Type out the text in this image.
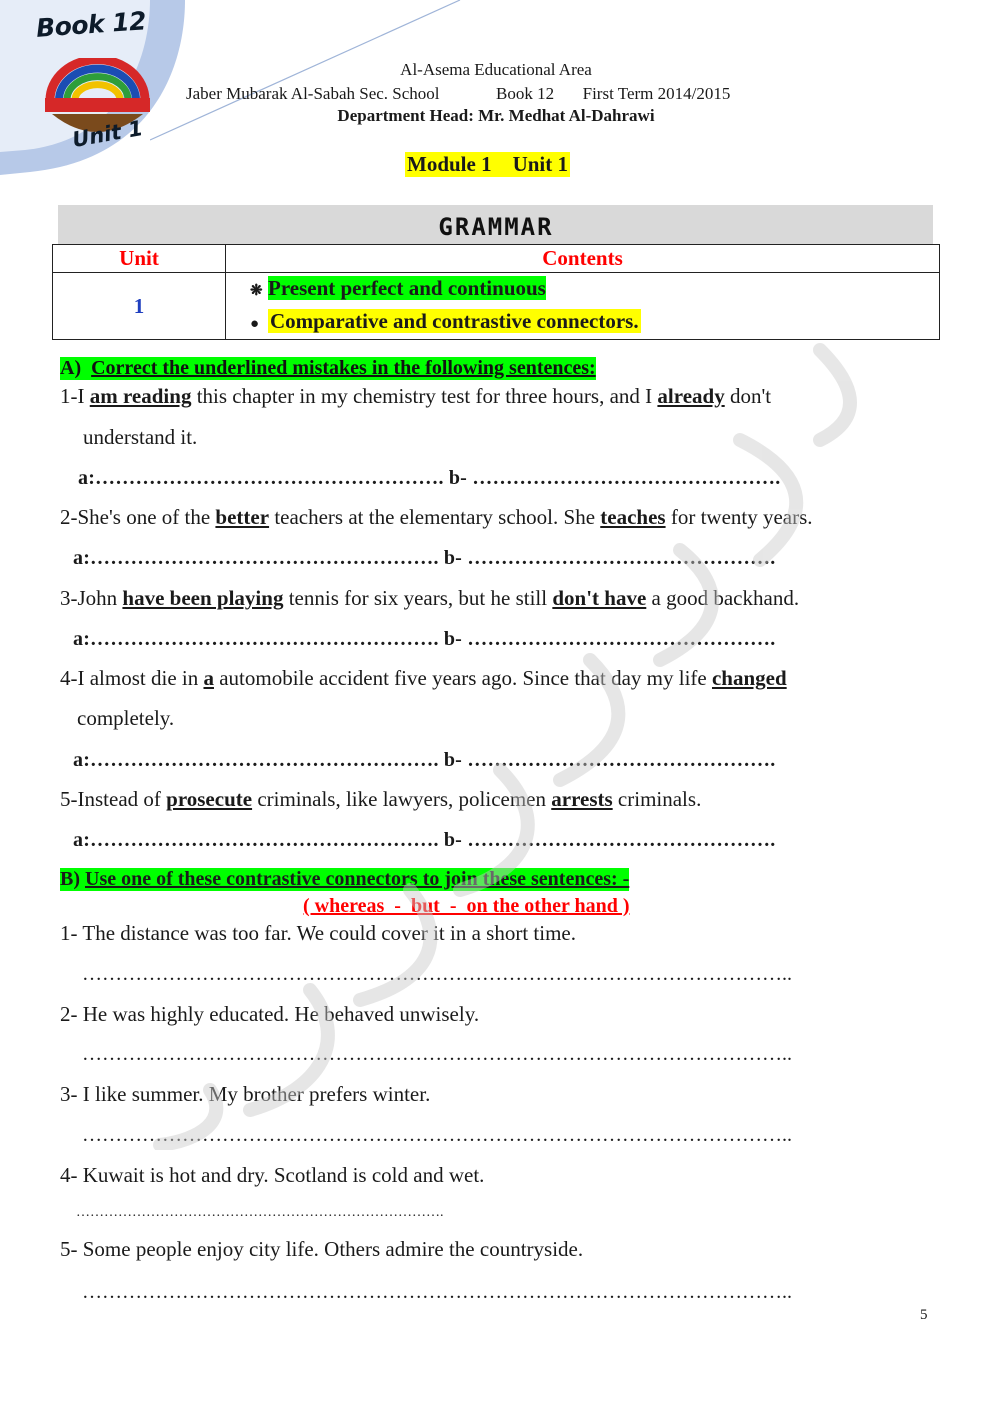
Book 12
Unit 1
Al-Asema Educational Area
Jaber Mubarak Al-Sabah Sec. School	Book 12 First Term 2014/2015
Department Head: Mr. Medhat Al-Dahrawi
Module 1    Unit 1
GRAMMAR
Unit	Contents
1	❋ Present perfect and continuous
● Comparative and contrastive connectors.
A) Correct the underlined mistakes in the following sentences:
1-I am reading this chapter in my chemistry test for three hours, and I already don't
understand it.
a:……………………………………………. b- ……………………………………….
2-She's one of the better teachers at the elementary school. She teaches for twenty years.
a:……………………………………………. b- ……………………………………….
3-John have been playing tennis for six years, but he still don't have a good backhand.
a:……………………………………………. b- ……………………………………….
4-I almost die in a automobile accident five years ago. Since that day my life changed
completely.
a:……………………………………………. b- ……………………………………….
5-Instead of prosecute criminals, like lawyers, policemen arrests criminals.
a:……………………………………………. b- ……………………………………….
B) Use one of these contrastive connectors to join these sentences: -
( whereas  -  but  -  on the other hand )
1- The distance was too far. We could cover it in a short time.
……………………………………………………………………………………………..
2- He was highly educated. He behaved unwisely.
……………………………………………………………………………………………..
3- I like summer. My brother prefers winter.
……………………………………………………………………………………………..
4- Kuwait is hot and dry. Scotland is cold and wet.
…………………………………………………………………….
5- Some people enjoy city life. Others admire the countryside.
……………………………………………………………………………………………..
5
